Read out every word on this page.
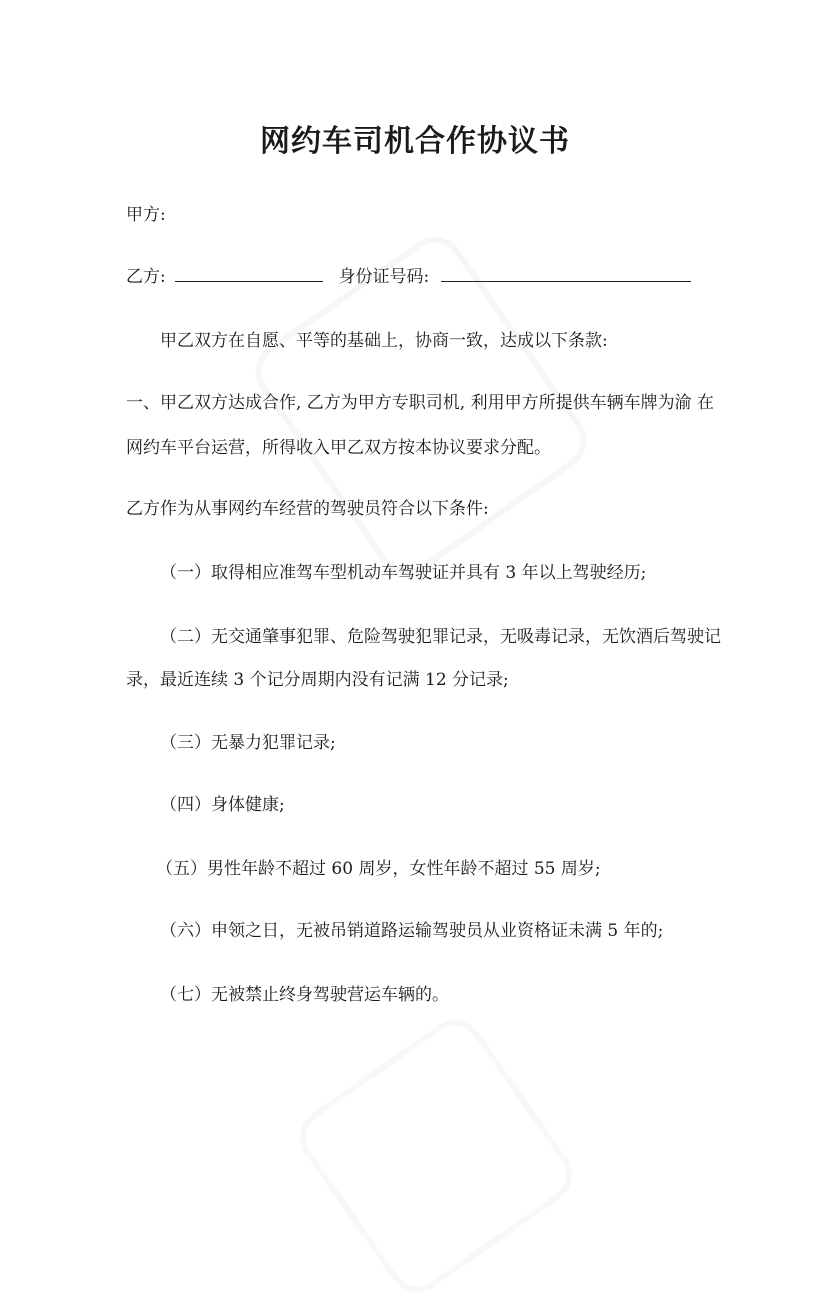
网约车司机合作协议书
甲方:
乙方:	身份证号码:
甲乙双方在自愿、平等的基础上，协商一致，达成以下条款:
一、甲乙双方达成合作, 乙方为甲方专职司机, 利用甲方所提供车辆车牌为渝 在
网约车平台运营，所得收入甲乙双方按本协议要求分配。
乙方作为从事网约车经营的驾驶员符合以下条件:
（一）取得相应准驾车型机动车驾驶证并具有 3 年以上驾驶经历;
（二）无交通肇事犯罪、危险驾驶犯罪记录，无吸毒记录，无饮酒后驾驶记
录，最近连续 3 个记分周期内没有记满 12 分记录;
（三）无暴力犯罪记录;
（四）身体健康;
（五）男性年龄不超过 60 周岁，女性年龄不超过 55 周岁;
（六）申领之日，无被吊销道路运输驾驶员从业资格证未满 5 年的;
（七）无被禁止终身驾驶营运车辆的。
